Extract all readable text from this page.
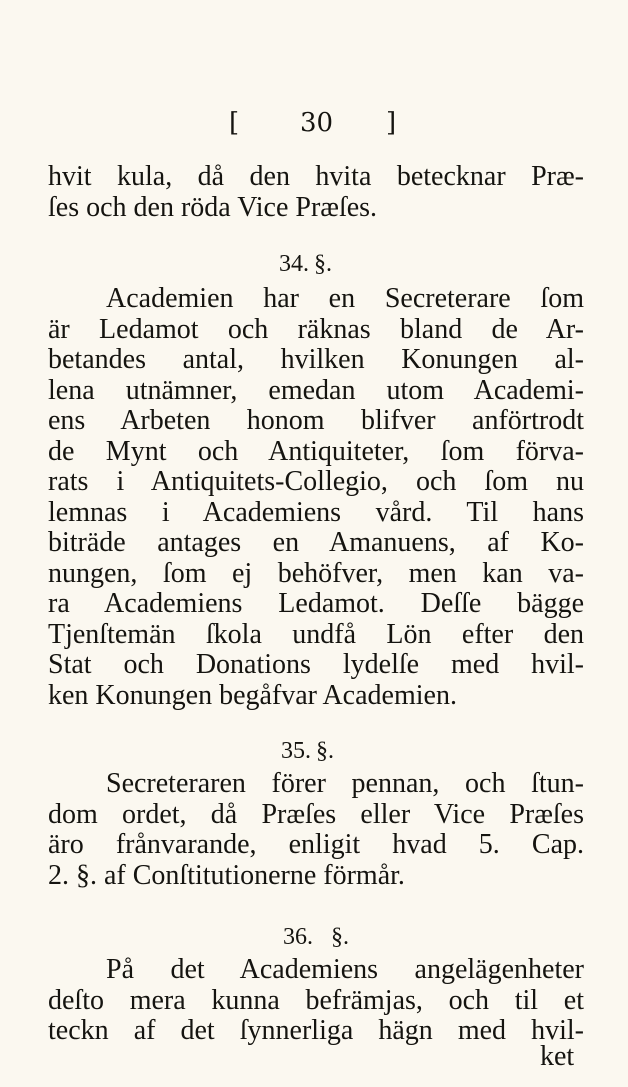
[ 30 ]
hvit kula, då den hvita betecknar Præ-
ſes och den röda Vice Præſes.
34. §.
Academien har en Secreterare ſom
är Ledamot och räknas bland de Ar-
betandes antal, hvilken Konungen al-
lena utnämner, emedan utom Academi-
ens Arbeten honom blifver anförtrodt
de Mynt och Antiquiteter, ſom förva-
rats i Antiquitets-Collegio, och ſom nu
lemnas i Academiens vård. Til hans
biträde antages en Amanuens, af Ko-
nungen, ſom ej behöfver, men kan va-
ra Academiens Ledamot. Deſſe bägge
Tjenſtemän ſkola undfå Lön efter den
Stat och Donations lydelſe med hvil-
ken Konungen begåfvar Academien.
35. §.
Secreteraren förer pennan, och ſtun-
dom ordet, då Præſes eller Vice Præſes
äro frånvarande, enligit hvad 5. Cap.
2. §. af Conſtitutionerne förmår.
36. §.
På det Academiens angelägenheter
deſto mera kunna befrämjas, och til et
teckn af det ſynnerliga hägn med hvil-
ket
